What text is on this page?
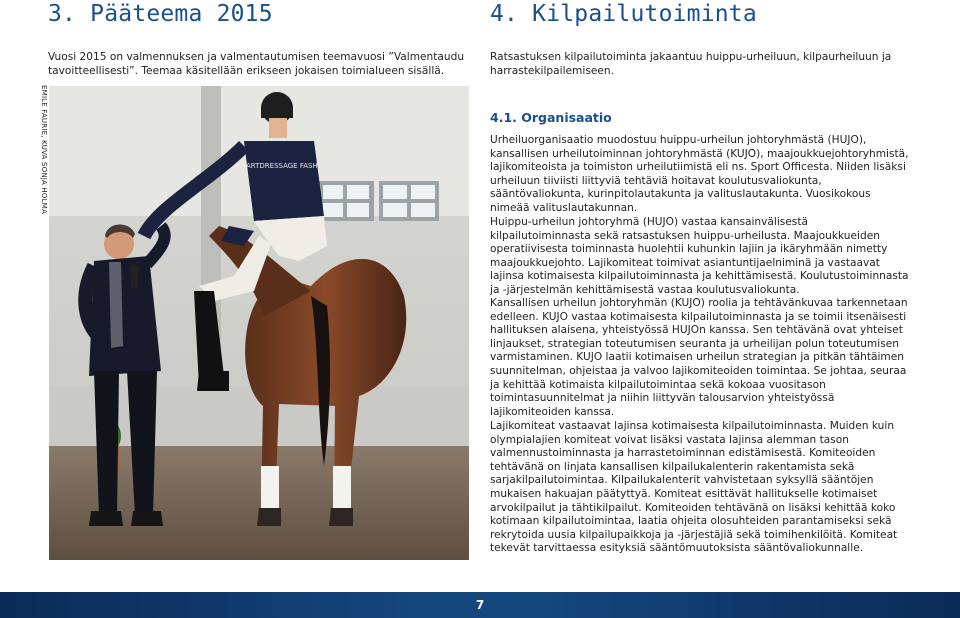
3. Pääteema 2015	4. Kilpailutoiminta

Vuosi 2015 on valmennuksen ja valmentautumisen teemavuosi ”Valmentaudu tavoitteellisesti”. Teemaa käsitellään erikseen jokaisen toimialueen sisällä.

Ratsastuksen kilpailutoiminta jakaantuu huippu-urheiluun, kilpaurheiluun ja harrastekilpailemiseen.

EMILE FAURIE, KUVA SONJA HOLMA	SMARTDRESSAGE FASHION
4.1. Organisaatio

Urheiluorganisaatio muodostuu huippu-urheilun johtoryhmästä (HUJO), kansallisen urheilutoiminnan johtoryhmästä (KUJO), maajoukkuejohtoryhmistä, lajikomiteoista ja toimiston urheilutiimistä eli ns. Sport Officesta. Niiden lisäksi urheiluun tiiviisti liittyviä tehtäviä hoitavat koulutusvaliokunta, sääntövaliokunta, kurinpitolautakunta ja valituslautakunta. Vuosikokous nimeää valituslautakunnan.

Huippu-urheilun johtoryhmä (HUJO) vastaa kansainvälisestä kilpailutoiminnasta sekä ratsastuksen huippu-urheilusta. Maajoukkueiden operatiivisesta toiminnasta huolehtii kuhunkin lajiin ja ikäryhmään nimetty maajoukkuejohto. Lajikomiteat toimivat asiantuntijaelniminä ja vastaavat lajinsa kotimaisesta kilpailutoiminnasta ja kehittämisestä. Koulutustoiminnasta ja -järjestelmän kehittämisestä vastaa koulutusvaliokunta.

Kansallisen urheilun johtoryhmän (KUJO) roolia ja tehtävänkuvaa tarkennetaan edelleen. KUJO vastaa kotimaisesta kilpailutoiminnasta ja se toimii itsenäisesti hallituksen alaisena, yhteistyössä HUJOn kanssa. Sen tehtävänä ovat yhteiset linjaukset, strategian toteutumisen seuranta ja urheilijan polun toteutumisen varmistaminen. KUJO laatii kotimaisen urheilun strategian ja pitkän tähtäimen suunnitelman, ohjeistaa ja valvoo lajikomiteoiden toimintaa. Se johtaa, seuraa ja kehittää kotimaista kilpailutoimintaa sekä kokoaa vuositason toimintasuunnitelmat ja niihin liittyvän talousarvion yhteistyössä lajikomiteoiden kanssa.

Lajikomiteat vastaavat lajinsa kotimaisesta kilpailutoiminnasta. Muiden kuin olympialajien komiteat voivat lisäksi vastata lajinsa alemman tason valmennustoiminnasta ja harrastetoiminnan edistämisestä. Komiteoiden tehtävänä on linjata kansallisen kilpailukalenterin rakentamista sekä sarjakilpailutoimintaa. Kilpailukalenterit vahvistetaan syksyllä sääntöjen mukaisen hakuajan päätyttyä. Komiteat esittävät hallitukselle kotimaiset arvokilpailut ja tähtikilpailut. Komiteoiden tehtävänä on lisäksi kehittää koko kotimaan kilpailutoimintaa, laatia ohjeita olosuhteiden parantamiseksi sekä rekrytoida uusia kilpailupaikkoja ja -järjestäjiä sekä toimihenkilöitä. Komiteat tekevät tarvittaessa esityksiä sääntömuutoksista sääntövaliokunnalle.

7
